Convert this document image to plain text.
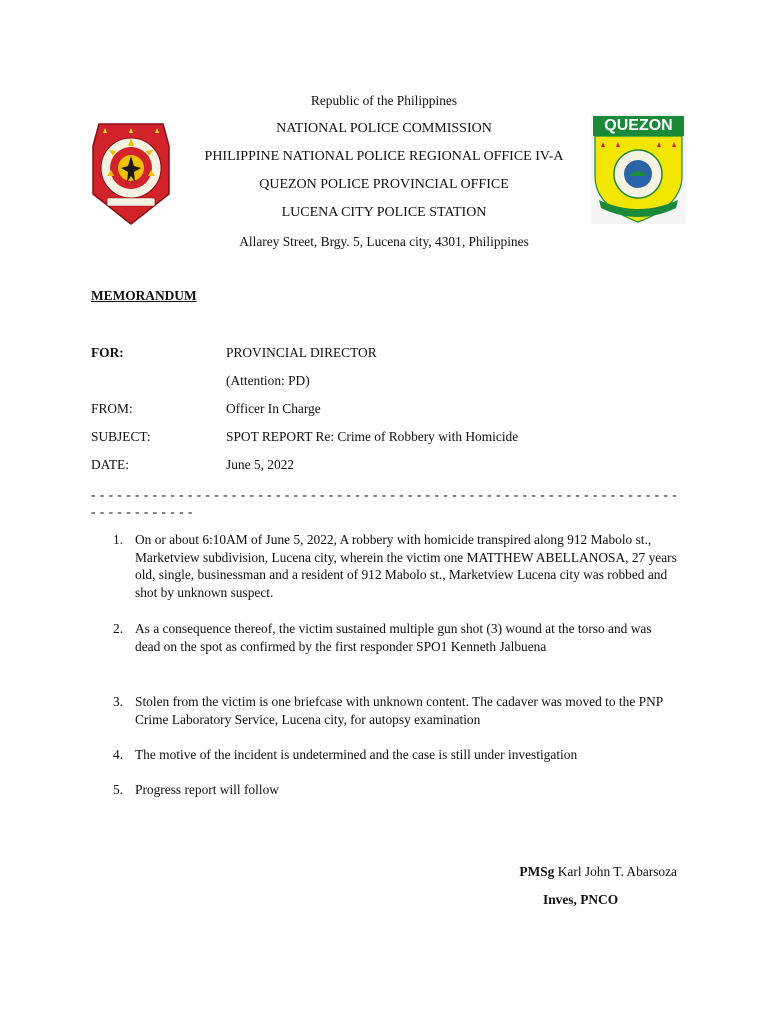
Republic of the Philippines
NATIONAL POLICE COMMISSION
PHILIPPINE NATIONAL POLICE REGIONAL OFFICE IV-A
QUEZON POLICE PROVINCIAL OFFICE
LUCENA CITY POLICE STATION
Allarey Street, Brgy. 5, Lucena city, 4301, Philippines
QUEZON
MEMORANDUM
FOR:	PROVINCIAL DIRECTOR
(Attention: PD)
FROM:	Officer In Charge
SUBJECT:	SPOT REPORT Re: Crime of Robbery with Homicide
DATE:	June 5, 2022
- - - - - - - - - - - - - - - - - - - - - - - - - - - - - - - - - - - - - - - - - - - - - - - - - - - - - - - - - - - - - - - - - - - - - - - - - - - - - - -
1. On or about 6:10AM of June 5, 2022, A robbery with homicide transpired along 912 Mabolo st., Marketview subdivision, Lucena city, wherein the victim one MATTHEW ABELLANOSA, 27 years old, single, businessman and a resident of 912 Mabolo st., Marketview Lucena city was robbed and shot by unknown suspect.
2. As a consequence thereof, the victim sustained multiple gun shot (3) wound at the torso and was dead on the spot as confirmed by the first responder SPO1 Kenneth Jalbuena
3. Stolen from the victim is one briefcase with unknown content. The cadaver was moved to the PNP Crime Laboratory Service, Lucena city, for autopsy examination
4. The motive of the incident is undetermined and the case is still under investigation
5. Progress report will follow
PMSg Karl John T. Abarsoza
Inves, PNCO
